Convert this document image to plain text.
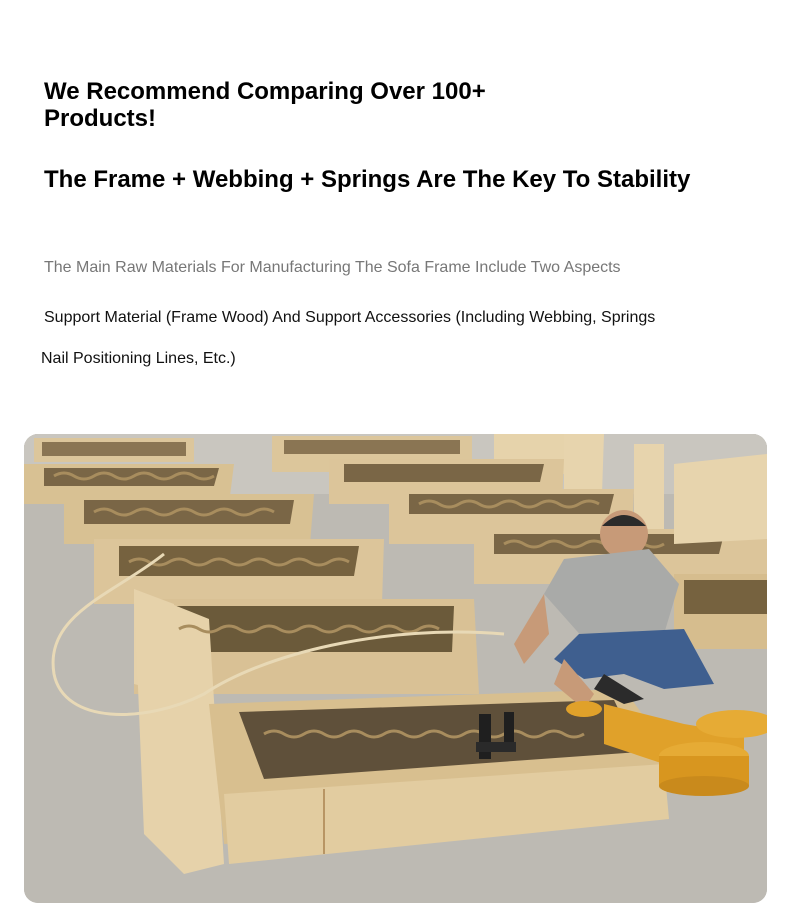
We Recommend Comparing Over 100+ Products!
The Frame + Webbing + Springs Are The Key To Stability
The Main Raw Materials For Manufacturing The Sofa Frame Include Two Aspects
Support Material (Frame Wood) And Support Accessories (Including Webbing, Springs
Nail Positioning Lines, Etc.)
